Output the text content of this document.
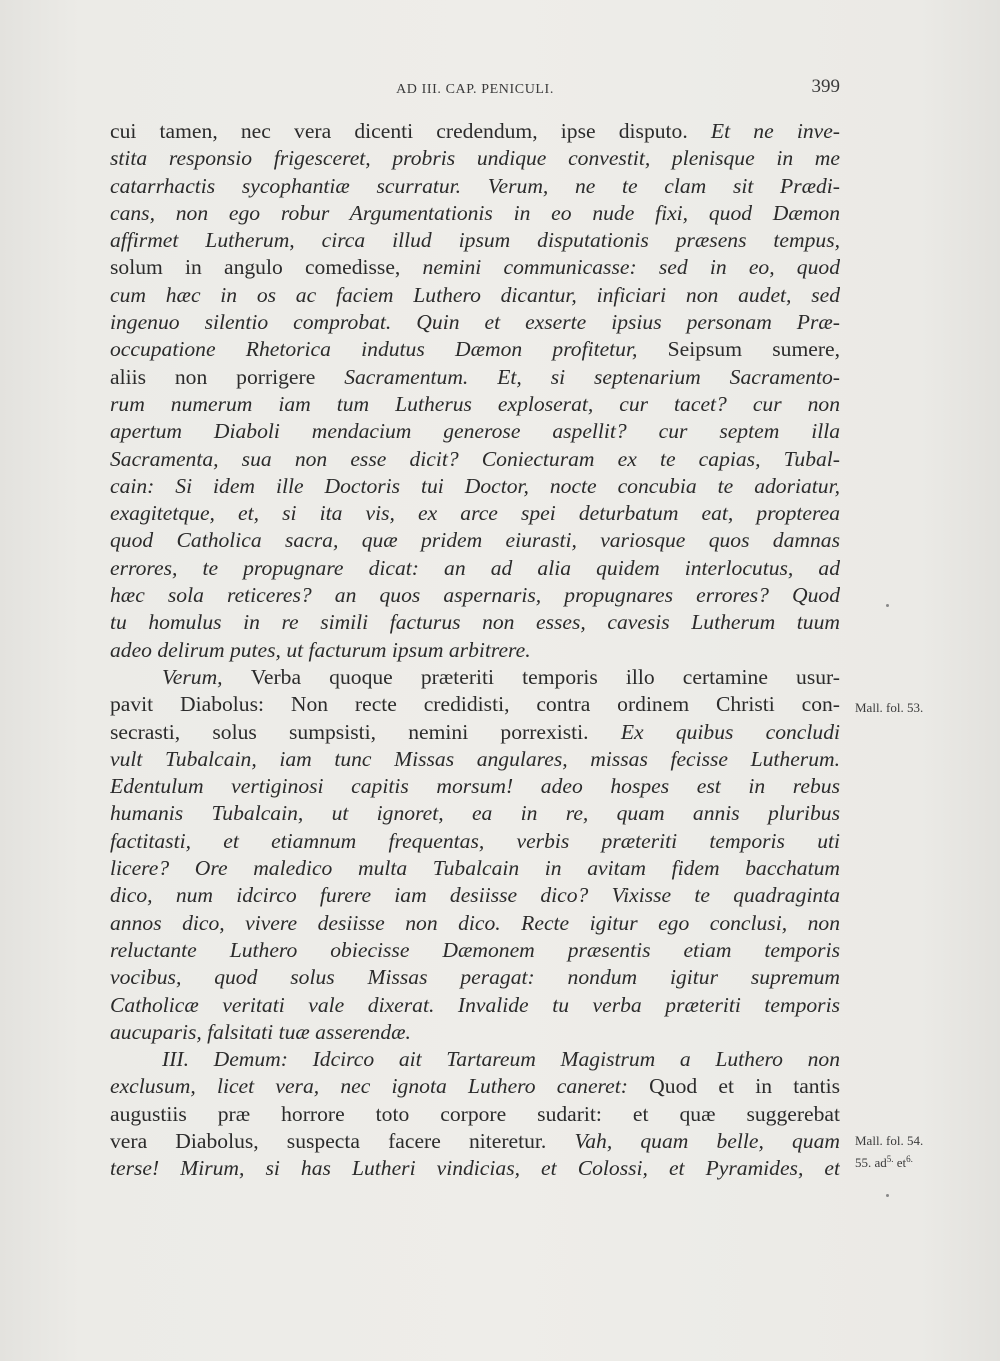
AD III. CAP. PENICULI.	399
cui tamen, nec vera dicenti credendum, ipse disputo. Et ne inve-
stita responsio frigesceret, probris undique convestit, plenisque in me
catarrhactis sycophantiæ scurratur. Verum, ne te clam sit Prædi-
cans, non ego robur Argumentationis in eo nude fixi, quod Dæmon
affirmet Lutherum, circa illud ipsum disputationis præsens tempus,
solum in angulo comedisse, nemini communicasse: sed in eo, quod
cum hæc in os ac faciem Luthero dicantur, inficiari non audet, sed
ingenuo silentio comprobat. Quin et exserte ipsius personam Præ-
occupatione Rhetorica indutus Dæmon profitetur, Seipsum sumere,
aliis non porrigere Sacramentum. Et, si septenarium Sacramento-
rum numerum iam tum Lutherus exploserat, cur tacet? cur non
apertum Diaboli mendacium generose aspellit? cur septem illa
Sacramenta, sua non esse dicit? Coniecturam ex te capias, Tubal-
cain: Si idem ille Doctoris tui Doctor, nocte concubia te adoriatur,
exagitetque, et, si ita vis, ex arce spei deturbatum eat, propterea
quod Catholica sacra, quæ pridem eiurasti, variosque quos damnas
errores, te propugnare dicat: an ad alia quidem interlocutus, ad
hæc sola reticeres? an quos aspernaris, propugnares errores? Quod
tu homulus in re simili facturus non esses, cavesis Lutherum tuum
adeo delirum putes, ut facturum ipsum arbitrere.
Verum, Verba quoque præteriti temporis illo certamine usur-
pavit Diabolus: Non recte credidisti, contra ordinem Christi con-
secrasti, solus sumpsisti, nemini porrexisti. Ex quibus concludi
vult Tubalcain, iam tunc Missas angulares, missas fecisse Lutherum.
Edentulum vertiginosi capitis morsum! adeo hospes est in rebus
humanis Tubalcain, ut ignoret, ea in re, quam annis pluribus
factitasti, et etiamnum frequentas, verbis præteriti temporis uti
licere? Ore maledico multa Tubalcain in avitam fidem bacchatum
dico, num idcirco furere iam desiisse dico? Vixisse te quadraginta
annos dico, vivere desiisse non dico. Recte igitur ego conclusi, non
reluctante Luthero obiecisse Dæmonem præsentis etiam temporis
vocibus, quod solus Missas peragat: nondum igitur supremum
Catholicæ veritati vale dixerat. Invalide tu verba præteriti temporis
aucuparis, falsitati tuæ asserendæ.
III. Demum: Idcirco ait Tartareum Magistrum a Luthero non
exclusum, licet vera, nec ignota Luthero caneret: Quod et in tantis
augustiis præ horrore toto corpore sudarit: et quæ suggerebat
vera Diabolus, suspecta facere niteretur. Vah, quam belle, quam
terse! Mirum, si has Lutheri vindicias, et Colossi, et Pyramides, et
Mall. fol. 53.
Mall. fol. 54.
55. $ad^{5.}$ $et^{6.}$
